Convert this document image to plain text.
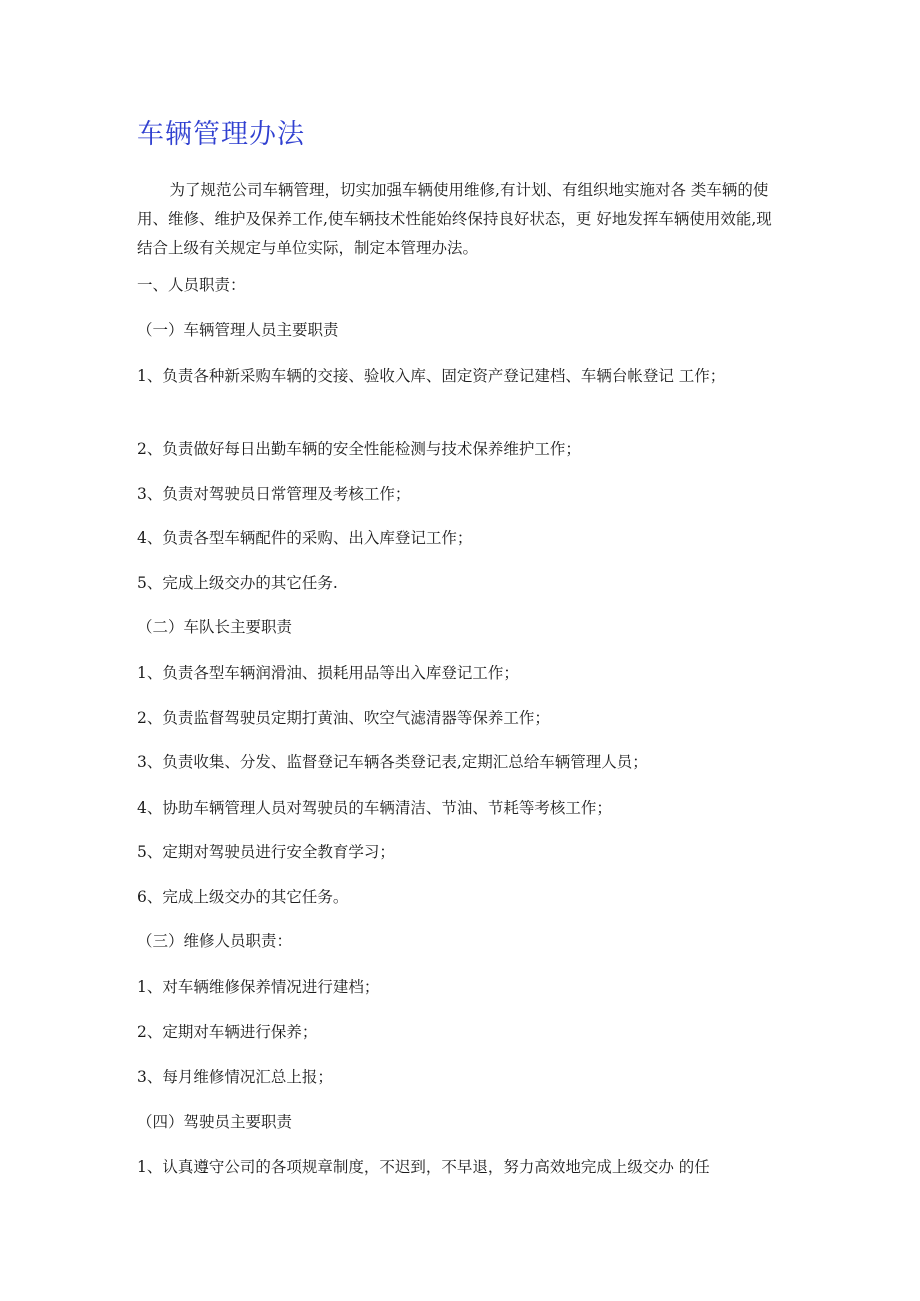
车辆管理办法

为了规范公司车辆管理，切实加强车辆使用维修,有计划、有组织地实施对各 类车辆的使用、维修、维护及保养工作,使车辆技术性能始终保持良好状态，更 好地发挥车辆使用效能,现结合上级有关规定与单位实际，制定本管理办法。

一、人员职责：

（一）车辆管理人员主要职责

1、负责各种新采购车辆的交接、验收入库、固定资产登记建档、车辆台帐登记 工作；

2、负责做好每日出勤车辆的安全性能检测与技术保养维护工作；

3、负责对驾驶员日常管理及考核工作；

4、负责各型车辆配件的采购、出入库登记工作；

5、完成上级交办的其它任务.

（二）车队长主要职责

1、负责各型车辆润滑油、损耗用品等出入库登记工作；

2、负责监督驾驶员定期打黄油、吹空气滤清器等保养工作；

3、负责收集、分发、监督登记车辆各类登记表,定期汇总给车辆管理人员；

4、协助车辆管理人员对驾驶员的车辆清洁、节油、节耗等考核工作；

5、定期对驾驶员进行安全教育学习；

6、完成上级交办的其它任务。

（三）维修人员职责：

1、对车辆维修保养情况进行建档；

2、定期对车辆进行保养；

3、每月维修情况汇总上报；

（四）驾驶员主要职责

1、认真遵守公司的各项规章制度，不迟到，不早退，努力高效地完成上级交办 的任
